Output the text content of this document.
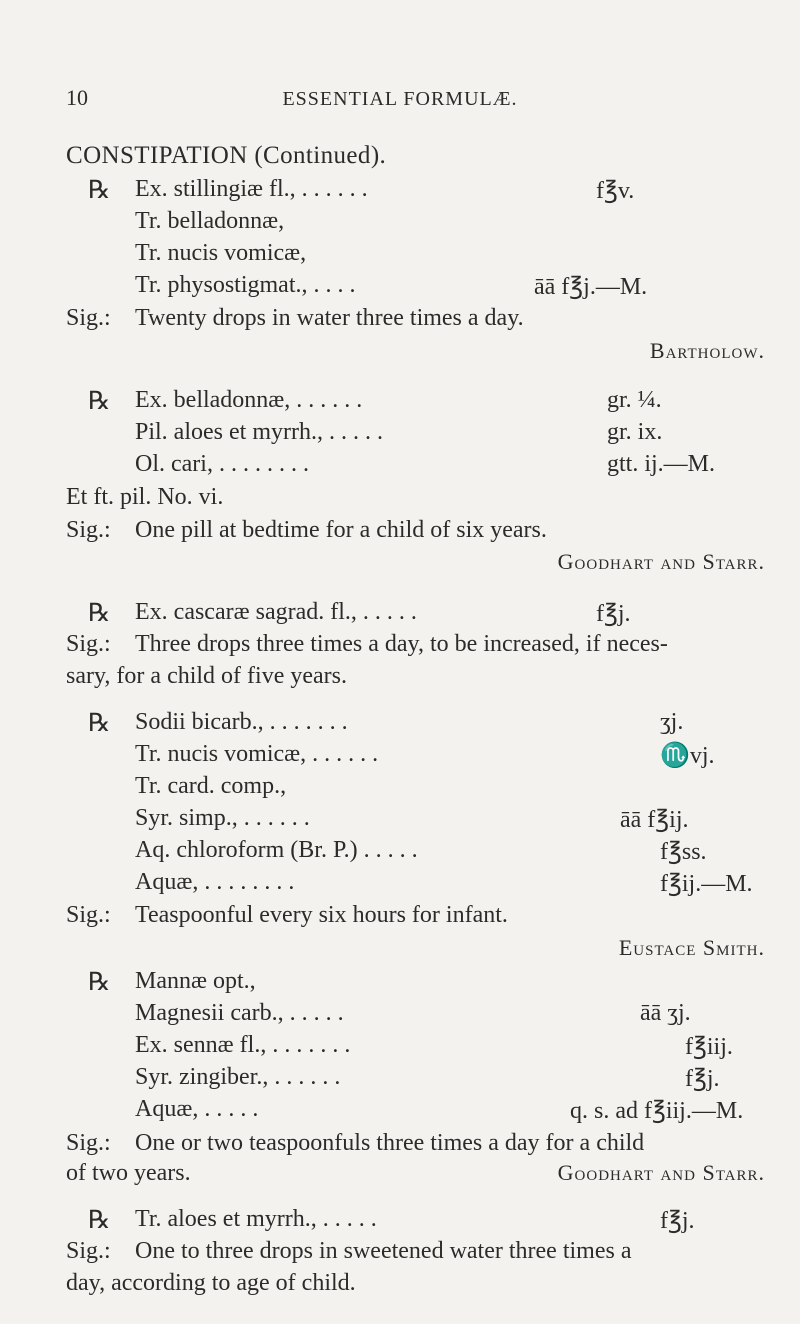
10	ESSENTIAL FORMULÆ.
CONSTIPATION (Continued).
℞ Ex. stillingiæ fl., . . . . . .	f℥v.
Tr. belladonnæ,
Tr. nucis vomicæ,
Tr. physostigmat., . . . .	āā f℥j.—M.
Sig.: Twenty drops in water three times a day.
Bartholow.
℞ Ex. belladonnæ, . . . . . .	gr. ¼.
Pil. aloes et myrrh., . . . . .	gr. ix.
Ol. cari, . . . . . . . .	gtt. ij.—M.
Et ft. pil. No. vi.
Sig.: One pill at bedtime for a child of six years.
Goodhart and Starr.
℞ Ex. cascaræ sagrad. fl., . . . . .	f℥j.
Sig.: Three drops three times a day, to be increased, if neces-
sary, for a child of five years.
℞ Sodii bicarb., . . . . . . .	ʒj.
Tr. nucis vomicæ, . . . . . .	♏vj.
Tr. card. comp.,
Syr. simp., . . . . . .	āā f℥ij.
Aq. chloroform (Br. P.) . . . . .	f℥ss.
Aquæ, . . . . . . . .	f℥ij.—M.
Sig.: Teaspoonful every six hours for infant.
Eustace Smith.
℞ Mannæ opt.,
Magnesii carb., . . . . .	āā ʒj.
Ex. sennæ fl., . . . . . . .	f℥iij.
Syr. zingiber., . . . . . .	f℥j.
Aquæ, . . . . .	q. s. ad f℥iij.—M.
Sig.: One or two teaspoonfuls three times a day for a child
of two years.	Goodhart and Starr.
℞ Tr. aloes et myrrh., . . . . .	f℥j.
Sig.: One to three drops in sweetened water three times a
day, according to age of child.
